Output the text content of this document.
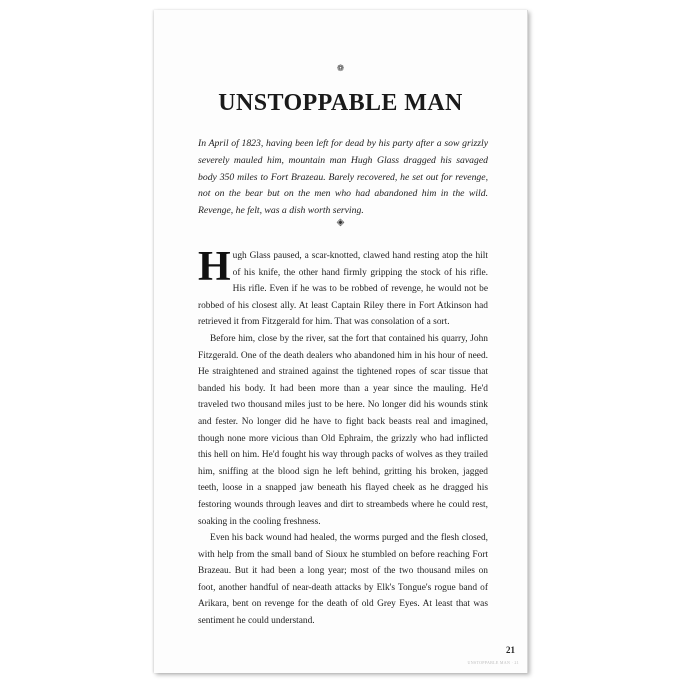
❁
UNSTOPPABLE MAN

In April of 1823, having been left for dead by his party after a sow grizzly severely mauled him, mountain man Hugh Glass dragged his savaged body 350 miles to Fort Brazeau. Barely recovered, he set out for revenge, not on the bear but on the men who had abandoned him in the wild. Revenge, he felt, was a dish worth serving.

◈

Hugh Glass paused, a scar-knotted, clawed hand resting atop the hilt of his knife, the other hand firmly gripping the stock of his rifle. His rifle. Even if he was to be robbed of revenge, he would not be robbed of his closest ally. At least Captain Riley there in Fort Atkinson had retrieved it from Fitzgerald for him. That was consolation of a sort.

Before him, close by the river, sat the fort that contained his quarry, John Fitzgerald. One of the death dealers who abandoned him in his hour of need. He straightened and strained against the tightened ropes of scar tissue that banded his body. It had been more than a year since the mauling. He'd traveled two thousand miles just to be here. No longer did his wounds stink and fester. No longer did he have to fight back beasts real and imagined, though none more vicious than Old Ephraim, the grizzly who had inflicted this hell on him. He'd fought his way through packs of wolves as they trailed him, sniffing at the blood sign he left behind, gritting his broken, jagged teeth, loose in a snapped jaw beneath his flayed cheek as he dragged his festoring wounds through leaves and dirt to streambeds where he could rest, soaking in the cooling freshness.

Even his back wound had healed, the worms purged and the flesh closed, with help from the small band of Sioux he stumbled on before reaching Fort Brazeau. But it had been a long year; most of the two thousand miles on foot, another handful of near-death attacks by Elk's Tongue's rogue band of Arikara, bent on revenge for the death of old Grey Eyes. At least that was sentiment he could understand.

21
UNSTOPPABLE MAN · 21
